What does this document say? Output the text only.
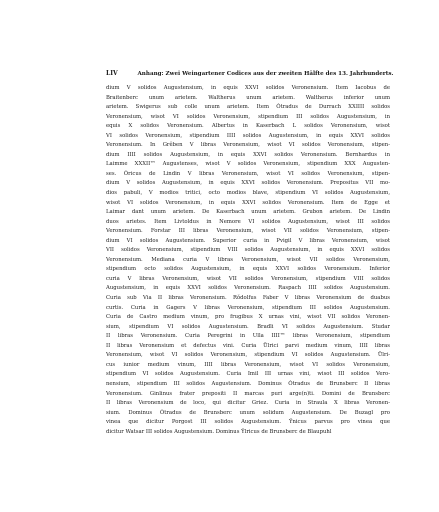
LIV	Anhang: Zwei Weingartener Codices aus der zweiten Hälfte des 13. Jahrhunderts.
dium V solidos Augustensium, in equis XXVI solidos Veronensium. Item Iacobus de
Braitenberc unum arietem. Waltherus unum arietem. Waltherus inferior unum
arietem. Swigerus sub colle unum arietem. Item Ǒtradus de Durrach XXIIII solidos
Veronensium, wisot VI solidos Veronensium, stipendium III solidos Augustensium, in
equis X solidos Veronensium. Albertus in Kaserbach L solidos Veronensium, wisot
VI solidos Veronensium, stipendium IIII solidos Augustensium, in equis XXVI solidos
Veronensium. In Grêben V libras Veronensium, wisot VI solidos Veronensium, stipen-
dium IIII solidos Augustensium, in equis XXVI solidos Veronensium. Bernhardus in
Laimme XXXII™ Augustenses, wisot V solidos Veronensium, stipendium XXX Augusten-
ses. Ǒricus de Lindin V libras Veronensium, wisot VI solidos Veronensium, stipen-
dium V solidos Augustensium, in equis XXVI solidos Veronensium. Prepositus VII mo-
dios pabuli, V modios tritici, octo modios blave, stipendium VI solidos Augustensium,
wisot VI solidos Veronensium, in equis XXVI solidos Veronensium. Item de Egge et
Laimar dant unum arietem. De Kaserbach unum arietem. Grubon arietem. De Lindin
duos arietes. Item Livtoldus in Nemore VI solidos Augustensium, wisot III solidos
Veronensium. Forstar III libras Veronensium, wisot VII solidos Veronensium, stipen-
dium VI solidos Augustensium. Superior curia in Pvigil V libras Veronensium, wisot
VII solidos Veronensium, stipendium VIII solidos Augustensium, in equis XXVI solidos
Veronensium. Mediana curia V libras Veronensium, wisot VII solidos Veronensium,
stipendium octo solidos Augustensium, in equis XXVI solidos Veronensium. Inferior
curia V libras Veronensium, wisot VII solidos Veronensium, stipendium VIII solidos
Augustensium, in equis XXVI solidos Veronensium. Raspach IIII solidos Augustensium.
Curia sub Via II libras Veronensium. Rǒdolfus Faber V libras Veronensium de duabus
curtis. Curia in Gagers V libras Veronensium, stipendium III solidos Augustensium.
Curia de Castro medium vinum, pro frugibus X urnas vini, wisot VII solidos Veronen-
sium, stipendium VI solidos Augustensium. Bradli VI solidos Augustensium. Studar
II libras Veronensium. Curia Peregrini in Ulla IIII™ libras Veronensium, stipendium
II libras Veronensium et defectus vini. Curia Ůlrici parvi medium vinum, IIII libras
Veronensium, wisot VI solidos Veronensium, stipendium VI solidos Augustensium. Ůlri-
cus iunior medium vinum, IIII libras Veronensium, wisot VI solidos Veronensium,
stipendium VI solidos Augustensium. Curia Imil III urnas vini, wisot III solidos Vero-
nensium, stipendium III solidos Augustensium. Dominus Ǒtradus de Brunsberc II libras
Veronensium. Ginlinus frater prepositi II marcas puri arge(n)ti. Domini de Brunsberc
II libras Veronensium de loco, qui dicitur Griez. Curia in Straula X libras Veronen-
sium. Dominus Ǒtradus de Brunsberc unum solidum Augustensium. De Buzagl pro
vinea que dicitur Porgost III solidos Augustensium. Ÿnicus parvus pro vinea que
dicitur Watsar III solidos Augustensium. Dominus Ÿlricus de Brunsberc de Blaupuhl
